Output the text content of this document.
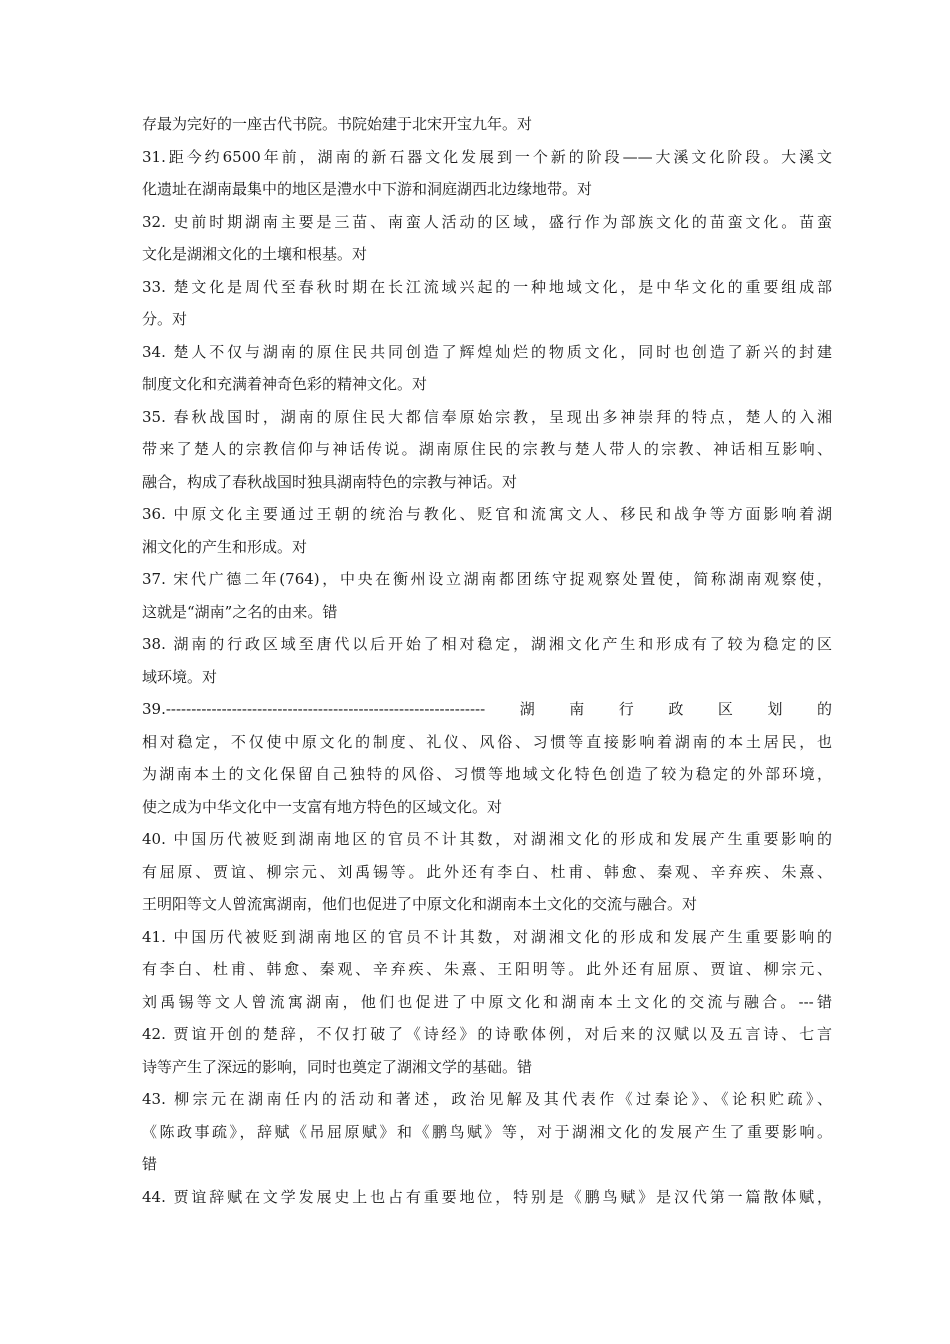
存最为完好的一座古代书院。书院始建于北宋开宝九年。对
31.距今约6500年前，湖南的新石器文化发展到一个新的阶段——大溪文化阶段。大溪文
化遗址在湖南最集中的地区是澧水中下游和洞庭湖西北边缘地带。对
32. 史前时期湖南主要是三苗、南蛮人活动的区域，盛行作为部族文化的苗蛮文化。苗蛮
文化是湖湘文化的土壤和根基。对
33. 楚文化是周代至春秋时期在长江流域兴起的一种地域文化，是中华文化的重要组成部
分。对
34. 楚人不仅与湖南的原住民共同创造了辉煌灿烂的物质文化，同时也创造了新兴的封建
制度文化和充满着神奇色彩的精神文化。对
35. 春秋战国时，湖南的原住民大都信奉原始宗教，呈现出多神崇拜的特点，楚人的入湘
带来了楚人的宗教信仰与神话传说。湖南原住民的宗教与楚人带人的宗教、神话相互影响、
融合，构成了春秋战国时独具湖南特色的宗教与神话。对
36. 中原文化主要通过王朝的统治与教化、贬官和流寓文人、移民和战争等方面影响着湖
湘文化的产生和形成。对
37. 宋代广德二年(764)，中央在衡州设立湖南都团练守捉观察处置使，简称湖南观察使，
这就是“湖南”之名的由来。错
38. 湖南的行政区域至唐代以后开始了相对稳定，湖湘文化产生和形成有了较为稳定的区
域环境。对
39.---------------------------------------------------------------湖南行政区划的
相对稳定，不仅使中原文化的制度、礼仪、风俗、习惯等直接影响着湖南的本土居民，也
为湖南本土的文化保留自己独特的风俗、习惯等地域文化特色创造了较为稳定的外部环境，
使之成为中华文化中一支富有地方特色的区域文化。对
40. 中国历代被贬到湖南地区的官员不计其数，对湖湘文化的形成和发展产生重要影响的
有屈原、贾谊、柳宗元、刘禹锡等。此外还有李白、杜甫、韩愈、秦观、辛弃疾、朱熹、
王明阳等文人曾流寓湖南，他们也促进了中原文化和湖南本土文化的交流与融合。对
41. 中国历代被贬到湖南地区的官员不计其数，对湖湘文化的形成和发展产生重要影响的
有李白、杜甫、韩愈、秦观、辛弃疾、朱熹、王阳明等。此外还有屈原、贾谊、柳宗元、
刘禹锡等文人曾流寓湖南，他们也促进了中原文化和湖南本土文化的交流与融合。---错
42. 贾谊开创的楚辞，不仅打破了《诗经》的诗歌体例，对后来的汉赋以及五言诗、七言
诗等产生了深远的影响，同时也奠定了湖湘文学的基础。错
43. 柳宗元在湖南任内的活动和著述，政治见解及其代表作《过秦论》、《论积贮疏》、
《陈政事疏》，辞赋《吊屈原赋》和《鹏鸟赋》等，对于湖湘文化的发展产生了重要影响。
错
44. 贾谊辞赋在文学发展史上也占有重要地位，特别是《鹏鸟赋》是汉代第一篇散体赋，
